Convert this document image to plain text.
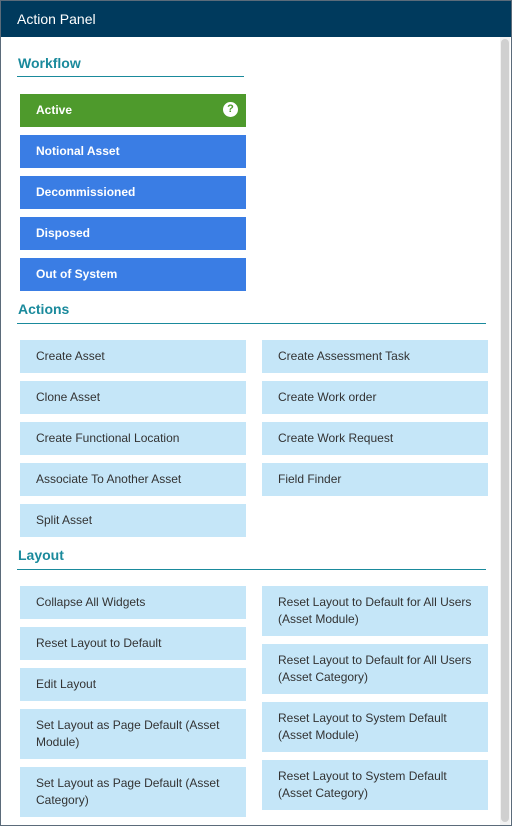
Action Panel
Workflow
Active	?
Notional Asset
Decommissioned
Disposed
Out of System
Actions
Create Asset
Clone Asset
Create Functional Location
Associate To Another Asset
Split Asset
Create Assessment Task
Create Work order
Create Work Request
Field Finder
Layout
Collapse All Widgets
Reset Layout to Default
Edit Layout
Set Layout as Page Default (Asset Module)
Set Layout as Page Default (Asset Category)
Reset Layout to Default for All Users (Asset Module)
Reset Layout to Default for All Users (Asset Category)
Reset Layout to System Default (Asset Module)
Reset Layout to System Default (Asset Category)
